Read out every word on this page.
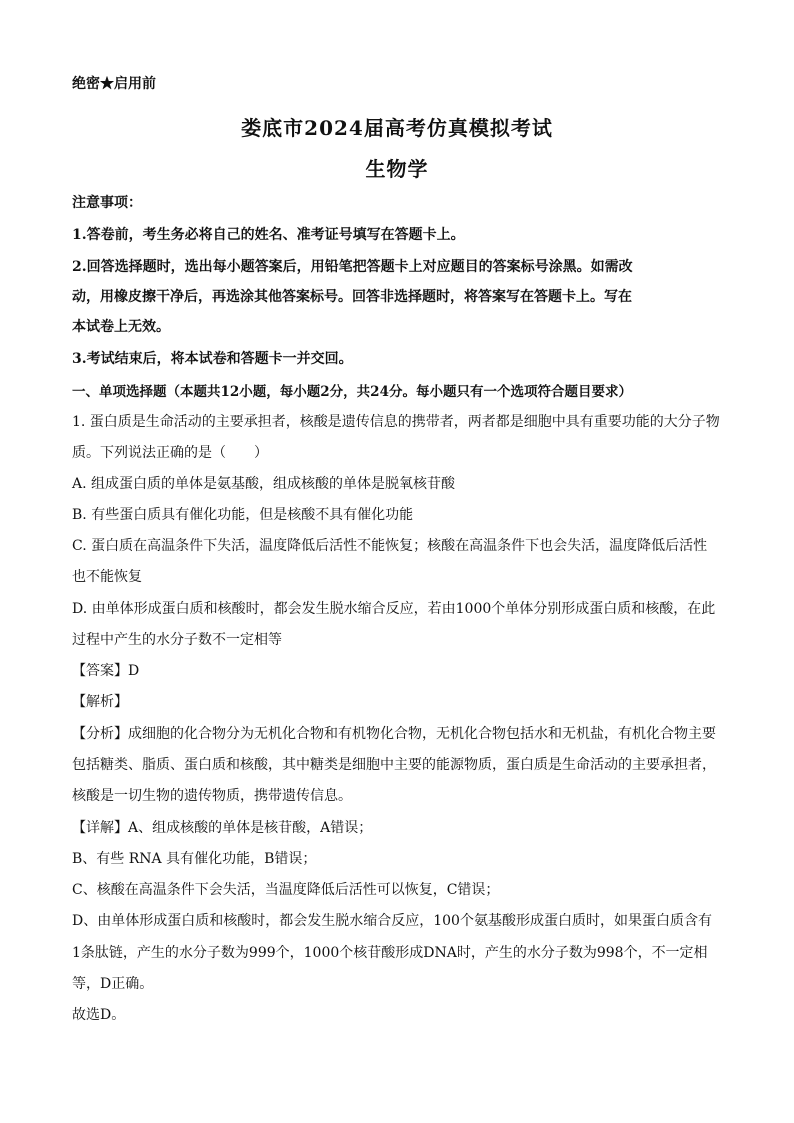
绝密★启用前
娄底市2024届高考仿真模拟考试
生物学
注意事项：
1.答卷前，考生务必将自己的姓名、准考证号填写在答题卡上。
2.回答选择题时，选出每小题答案后，用铅笔把答题卡上对应题目的答案标号涂黑。如需改
动，用橡皮擦干净后，再选涂其他答案标号。回答非选择题时，将答案写在答题卡上。写在
本试卷上无效。
3.考试结束后，将本试卷和答题卡一并交回。
一、单项选择题（本题共12小题，每小题2分，共24分。每小题只有一个选项符合题目要求）
1. 蛋白质是生命活动的主要承担者，核酸是遗传信息的携带者，两者都是细胞中具有重要功能的大分子物
质。下列说法正确的是（　　）
A. 组成蛋白质的单体是氨基酸，组成核酸的单体是脱氧核苷酸
B. 有些蛋白质具有催化功能，但是核酸不具有催化功能
C. 蛋白质在高温条件下失活，温度降低后活性不能恢复；核酸在高温条件下也会失活，温度降低后活性
也不能恢复
D. 由单体形成蛋白质和核酸时，都会发生脱水缩合反应，若由1000个单体分别形成蛋白质和核酸，在此
过程中产生的水分子数不一定相等
【答案】D
【解析】
【分析】成细胞的化合物分为无机化合物和有机物化合物，无机化合物包括水和无机盐，有机化合物主要
包括糖类、脂质、蛋白质和核酸，其中糖类是细胞中主要的能源物质，蛋白质是生命活动的主要承担者，
核酸是一切生物的遗传物质，携带遗传信息。
【详解】A、组成核酸的单体是核苷酸，A错误；
B、有些 RNA 具有催化功能，B错误；
C、核酸在高温条件下会失活，当温度降低后活性可以恢复，C错误；
D、由单体形成蛋白质和核酸时，都会发生脱水缩合反应，100个氨基酸形成蛋白质时，如果蛋白质含有
1条肽链，产生的水分子数为999个，1000个核苷酸形成DNA时，产生的水分子数为998个，不一定相
等，D正确。
故选D。
